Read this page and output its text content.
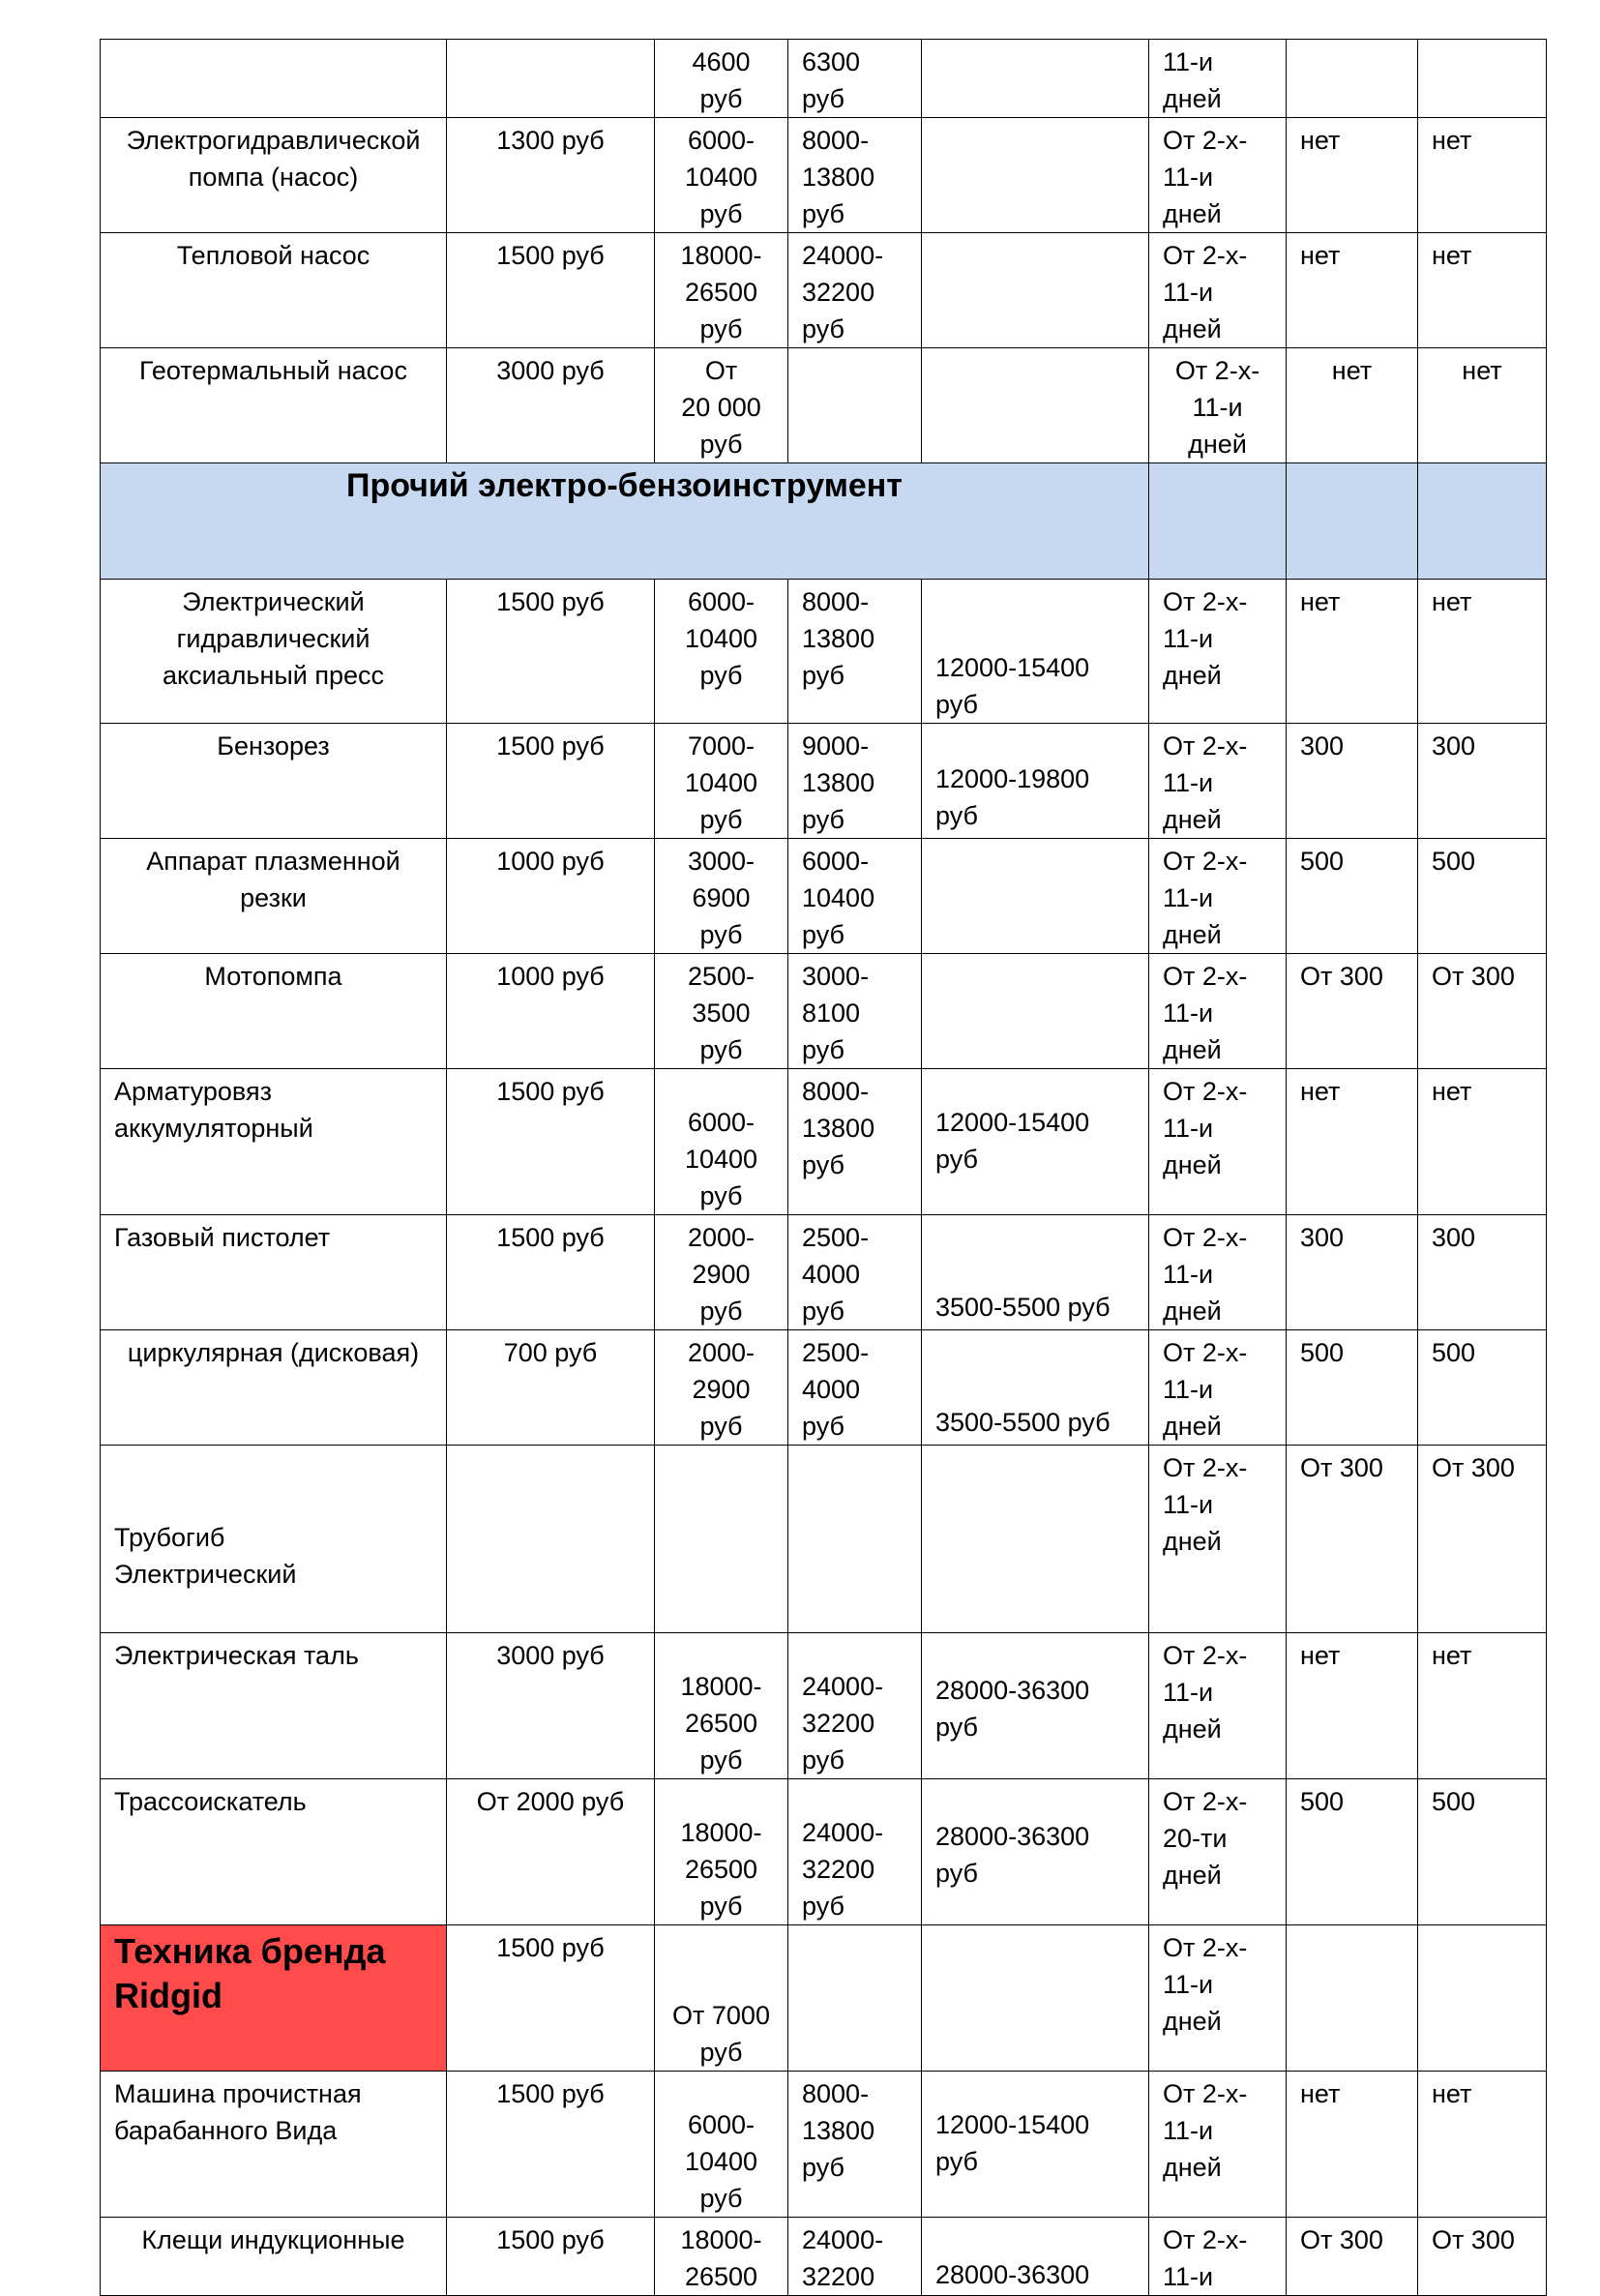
		4600
руб	6300
руб		11-и
дней		
Электрогидравлической
помпа (насос)	1300 руб	6000-
10400
руб	8000-
13800
руб		От 2-х-
11-и
дней	нет	нет
Тепловой насос	1500 руб	18000-
26500
руб	24000-
32200
руб		От 2-х-
11-и
дней	нет	нет
Геотермальный насос	3000 руб	От
20 000
руб			От 2-х-
11-и
дней	нет	нет
Прочий электро-бензоинструмент							
Электрический
гидравлический
аксиальный пресс	1500 руб	6000-
10400
руб	8000-
13800
руб	12000-15400
руб	От 2-х-
11-и
дней	нет	нет
Бензорез	1500 руб	7000-
10400
руб	9000-
13800
руб	12000-19800
руб	От 2-х-
11-и
дней	300	300
Аппарат плазменной
резки	1000 руб	3000-
6900
руб	6000-
10400
руб		От 2-х-
11-и
дней	500	500
Мотопомпа	1000 руб	2500-
3500
руб	3000-
8100
руб		От 2-х-
11-и
дней	От 300	От 300
Арматуровяз
аккумуляторный	1500 руб	6000-
10400
руб	8000-
13800
руб	12000-15400
руб	От 2-х-
11-и
дней	нет	нет
Газовый пистолет	1500 руб	2000-
2900
руб	2500-
4000
руб	3500-5500 руб	От 2-х-
11-и
дней	300	300
циркулярная (дисковая)	700 руб	2000-
2900
руб	2500-
4000
руб	3500-5500 руб	От 2-х-
11-и
дней	500	500
Трубогиб
Электрический					От 2-х-
11-и
дней	От 300	От 300
Электрическая таль	3000 руб	18000-
26500
руб	24000-
32200
руб	28000-36300
руб	От 2-х-
11-и
дней	нет	нет
Трассоискатель	От 2000 руб	18000-
26500
руб	24000-
32200
руб	28000-36300
руб	От 2-х-
20-ти
дней	500	500
Техника бренда
Ridgid	1500 руб	От 7000
руб			От 2-х-
11-и
дней		
Машина прочистная
барабанного Вида	1500 руб	6000-
10400
руб	8000-
13800
руб	12000-15400
руб	От 2-х-
11-и
дней	нет	нет
Клещи индукционные	1500 руб	18000-
26500	24000-
32200	28000-36300	От 2-х-
11-и	От 300	От 300
